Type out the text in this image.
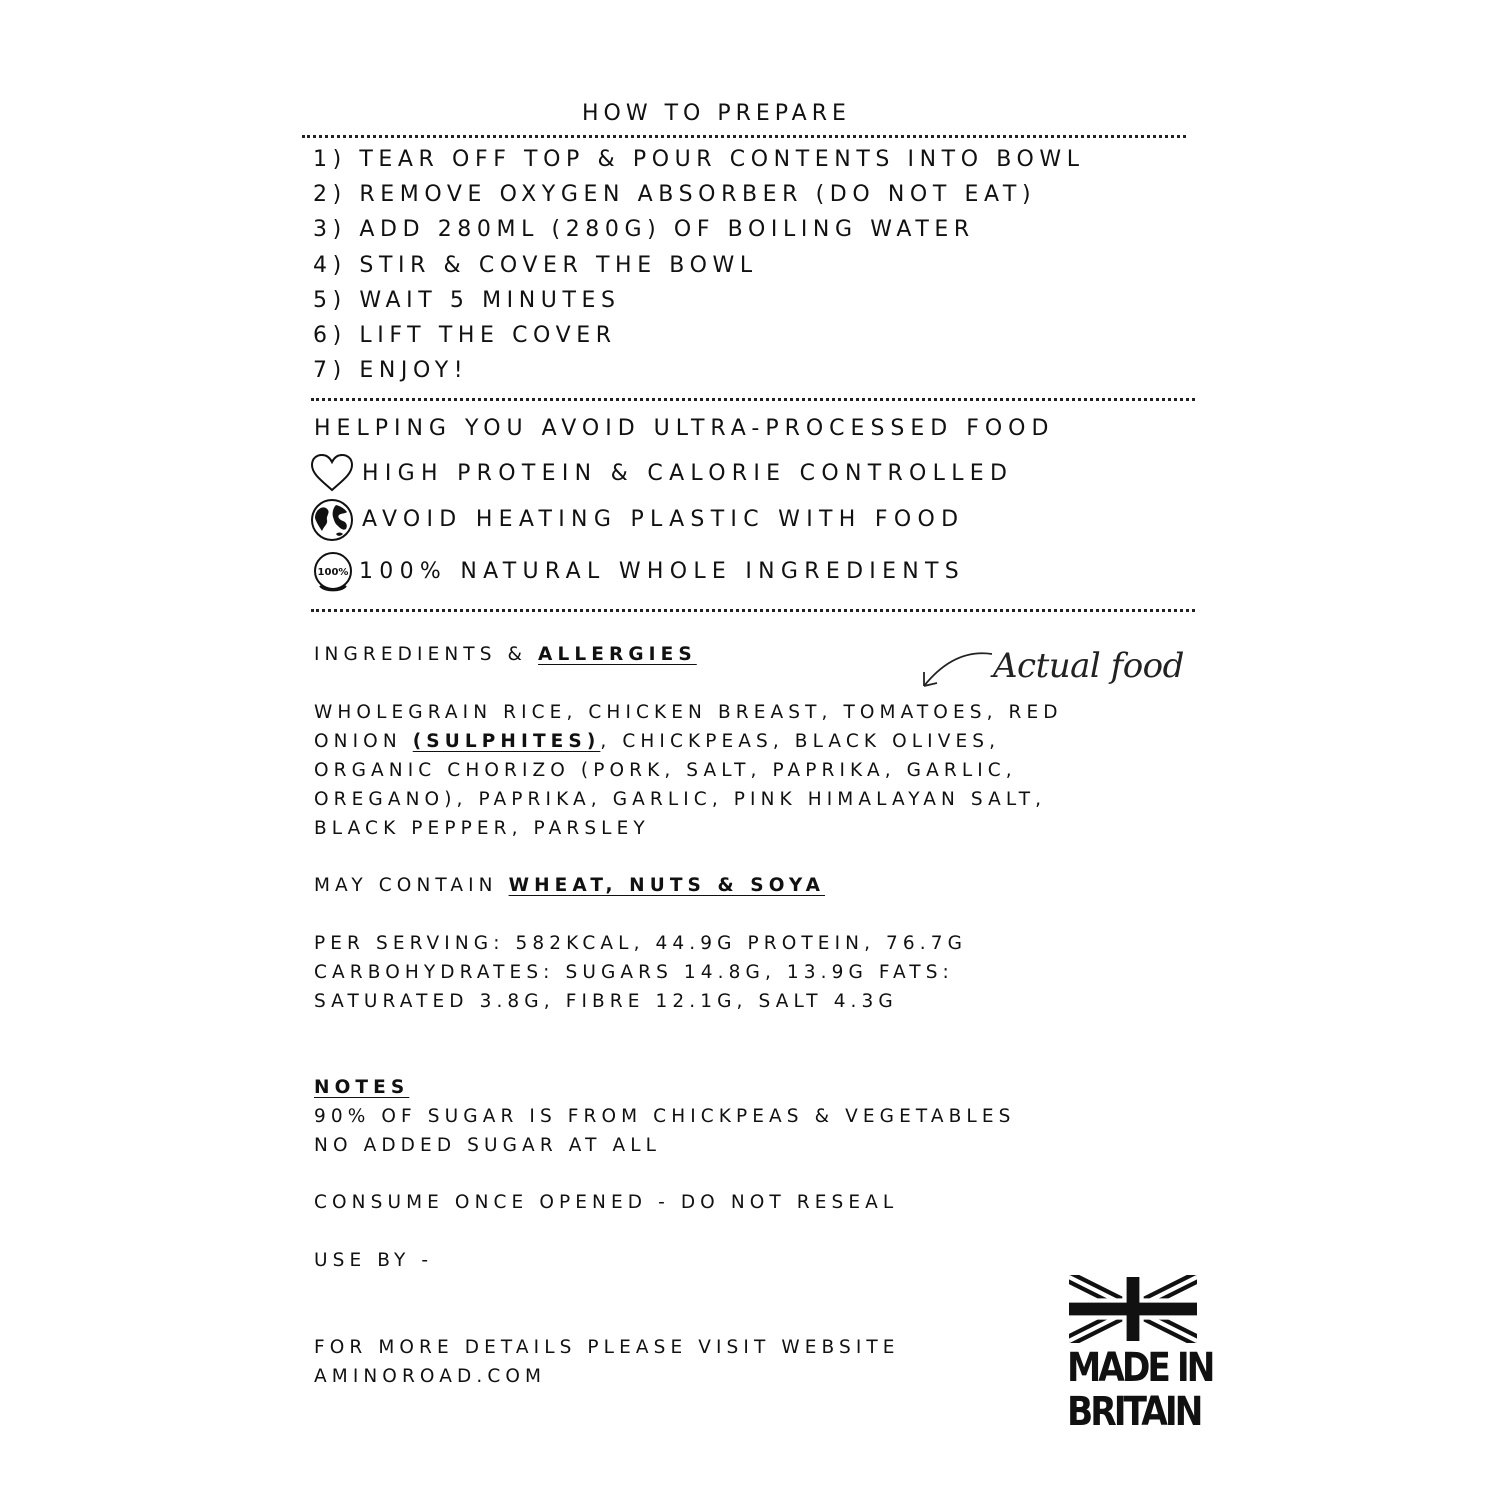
HOW TO PREPARE
1) TEAR OFF TOP & POUR CONTENTS INTO BOWL
2) REMOVE OXYGEN ABSORBER (DO NOT EAT)
3) ADD 280ML (280G) OF BOILING WATER
4) STIR & COVER THE BOWL
5) WAIT 5 MINUTES
6) LIFT THE COVER
7) ENJOY!
HELPING YOU AVOID ULTRA-PROCESSED FOOD
HIGH PROTEIN & CALORIE CONTROLLED
AVOID HEATING PLASTIC WITH FOOD
100% 100% NATURAL WHOLE INGREDIENTS
INGREDIENTS & ALLERGIES	Actual food
WHOLEGRAIN RICE, CHICKEN BREAST, TOMATOES, RED
ONION (SULPHITES), CHICKPEAS, BLACK OLIVES,
ORGANIC CHORIZO (PORK, SALT, PAPRIKA, GARLIC,
OREGANO), PAPRIKA, GARLIC, PINK HIMALAYAN SALT,
BLACK PEPPER, PARSLEY
MAY CONTAIN WHEAT, NUTS & SOYA
PER SERVING: 582KCAL, 44.9G PROTEIN, 76.7G
CARBOHYDRATES: SUGARS 14.8G, 13.9G FATS:
SATURATED 3.8G, FIBRE 12.1G, SALT 4.3G
NOTES
90% OF SUGAR IS FROM CHICKPEAS & VEGETABLES
NO ADDED SUGAR AT ALL
CONSUME ONCE OPENED - DO NOT RESEAL
USE BY -
FOR MORE DETAILS PLEASE VISIT WEBSITE
AMINOROAD.COM	MADE IN
BRITAIN
